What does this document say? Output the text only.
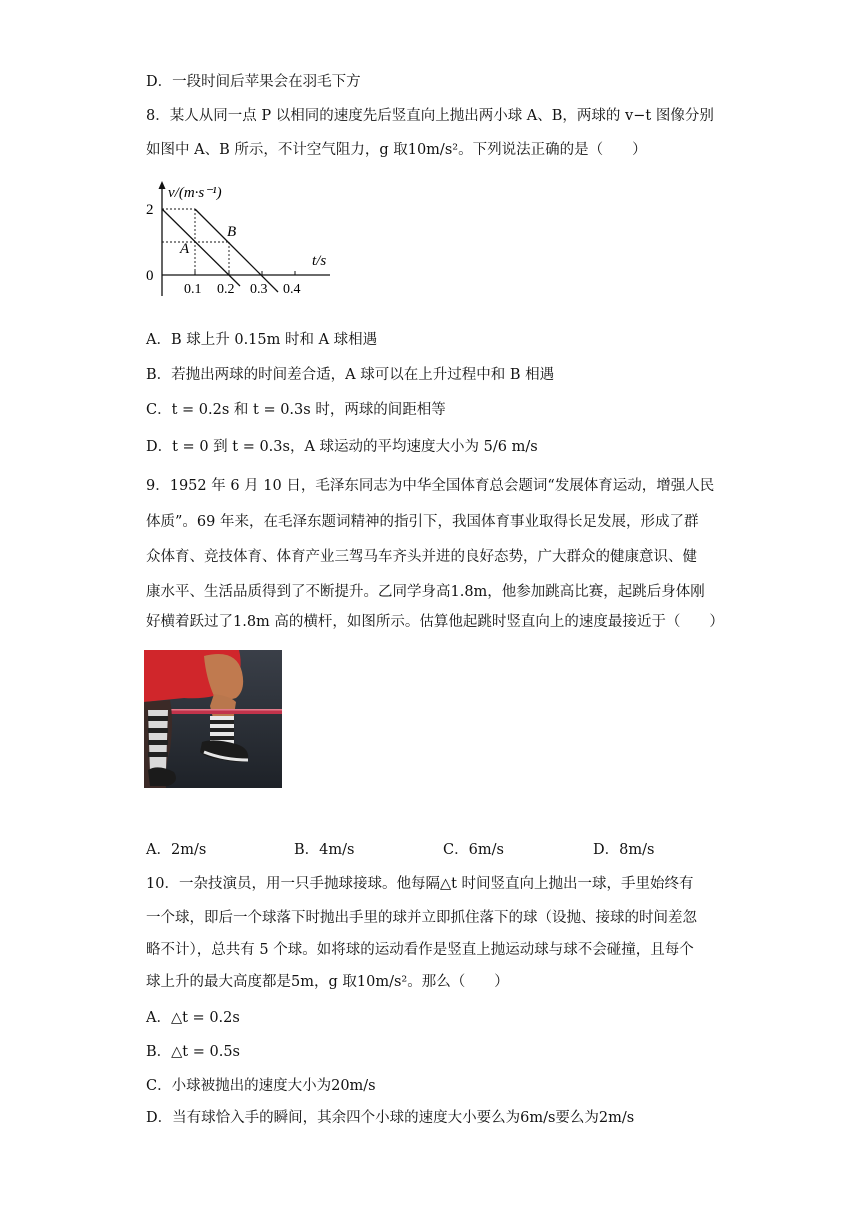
D．一段时间后苹果会在羽毛下方
8．某人从同一点 P 以相同的速度先后竖直向上抛出两小球 A、B，两球的 v−t 图像分别
如图中 A、B 所示，不计空气阻力，g 取10m/s²。下列说法正确的是（　　）
v/(m·s⁻¹)
2
0
t/s
A
B
0.1 0.2 0.3 0.4
A．B 球上升 0.15m 时和 A 球相遇
B．若抛出两球的时间差合适，A 球可以在上升过程中和 B 相遇
C．t = 0.2s 和 t = 0.3s 时，两球的间距相等
D．t = 0 到 t = 0.3s，A 球运动的平均速度大小为 5/6 m/s
9．1952 年 6 月 10 日，毛泽东同志为中华全国体育总会题词“发展体育运动，增强人民
体质”。69 年来，在毛泽东题词精神的指引下，我国体育事业取得长足发展，形成了群
众体育、竞技体育、体育产业三驾马车齐头并进的良好态势，广大群众的健康意识、健
康水平、生活品质得到了不断提升。乙同学身高1.8m，他参加跳高比赛，起跳后身体刚
好横着跃过了1.8m 高的横杆，如图所示。估算他起跳时竖直向上的速度最接近于（　　）
A．2m/s	B．4m/s	C．6m/s	D．8m/s
10．一杂技演员，用一只手抛球接球。他每隔△t 时间竖直向上抛出一球，手里始终有
一个球，即后一个球落下时抛出手里的球并立即抓住落下的球（设抛、接球的时间差忽
略不计），总共有 5 个球。如将球的运动看作是竖直上抛运动球与球不会碰撞，且每个
球上升的最大高度都是5m，g 取10m/s²。那么（　　）
A．△t = 0.2s
B．△t = 0.5s
C．小球被抛出的速度大小为20m/s
D．当有球恰入手的瞬间，其余四个小球的速度大小要么为6m/s要么为2m/s
